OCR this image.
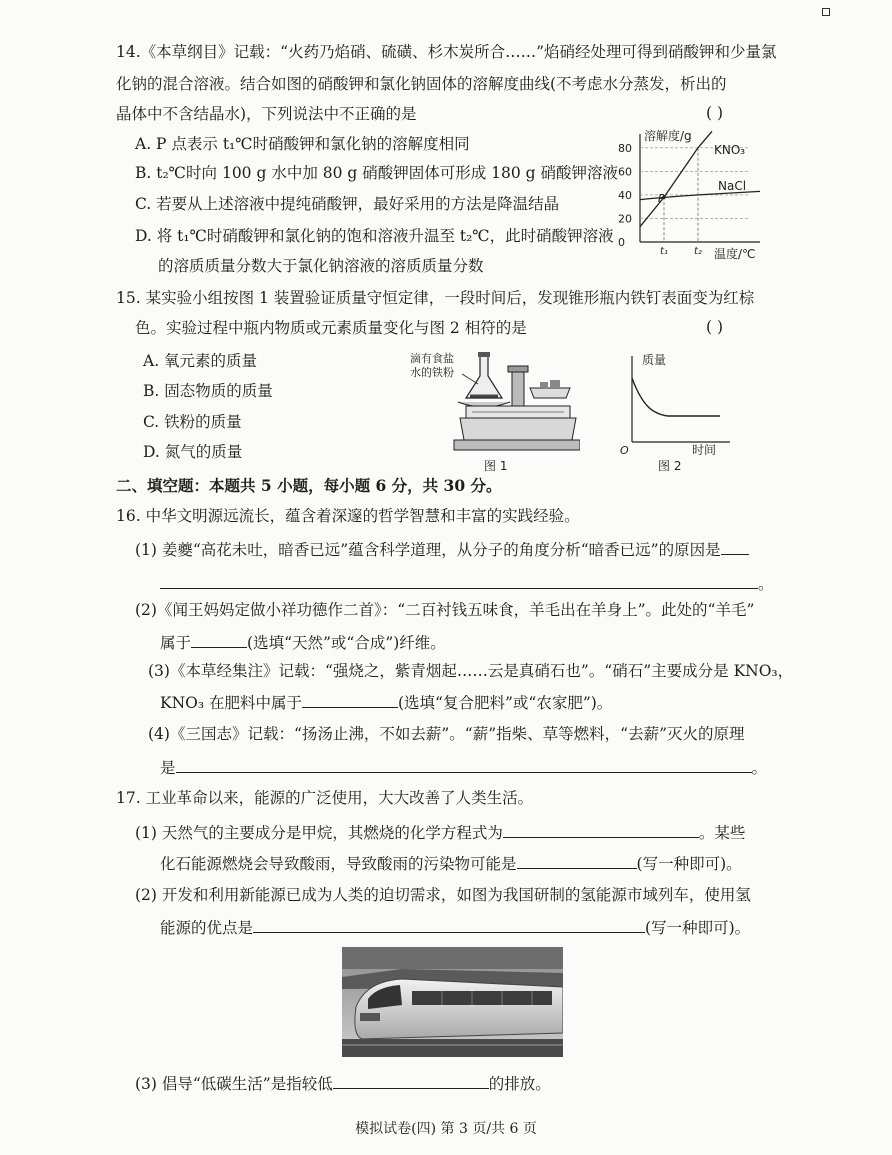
14.《本草纲目》记载：“火药乃焰硝、硫磺、杉木炭所合……”焰硝经处理可得到硝酸钾和少量氯
化钠的混合溶液。结合如图的硝酸钾和氯化钠固体的溶解度曲线(不考虑水分蒸发，析出的
晶体中不含结晶水)，下列说法中不正确的是	( )
A. P 点表示 t₁℃时硝酸钾和氯化钠的溶解度相同
B. t₂℃时向 100 g 水中加 80 g 硝酸钾固体可形成 180 g 硝酸钾溶液
C. 若要从上述溶液中提纯硝酸钾，最好采用的方法是降温结晶
D. 将 t₁℃时硝酸钾和氯化钠的饱和溶液升温至 t₂℃，此时硝酸钾溶液
的溶质质量分数大于氯化钠溶液的溶质质量分数
溶解度/g
温度/℃
80
60
40
20
0
P
KNO₃
NaCl
t₁	t₂
15. 某实验小组按图 1 装置验证质量守恒定律，一段时间后，发现锥形瓶内铁钉表面变为红棕
色。实验过程中瓶内物质或元素质量变化与图 2 相符的是	( )
A. 氧元素的质量
B. 固态物质的质量
C. 铁粉的质量
D. 氮气的质量
滴有食盐
水的铁粉
图 1
质量
O	时间
图 2
二、填空题：本题共 5 小题，每小题 6 分，共 30 分。
16. 中华文明源远流长，蕴含着深邃的哲学智慧和丰富的实践经验。
(1) 姜夔“高花未吐，暗香已远”蕴含科学道理，从分子的角度分析“暗香已远”的原因是
。
(2)《闻王妈妈定做小祥功德作二首》：“二百衬钱五味食，羊毛出在羊身上”。此处的“羊毛”
属于	(选填“天然”或“合成”)纤维。
(3)《本草经集注》记载：“强烧之，紫青烟起……云是真硝石也”。“硝石”主要成分是 KNO₃，
KNO₃ 在肥料中属于	(选填“复合肥料”或“农家肥”)。
(4)《三国志》记载：“扬汤止沸，不如去薪”。“薪”指柴、草等燃料，“去薪”灭火的原理
是	。
17. 工业革命以来，能源的广泛使用，大大改善了人类生活。
(1) 天然气的主要成分是甲烷，其燃烧的化学方程式为	。某些
化石能源燃烧会导致酸雨，导致酸雨的污染物可能是	(写一种即可)。
(2) 开发和利用新能源已成为人类的迫切需求，如图为我国研制的氢能源市域列车，使用氢
能源的优点是	(写一种即可)。
(3) 倡导“低碳生活”是指较低	的排放。
模拟试卷(四) 第 3 页/共 6 页
